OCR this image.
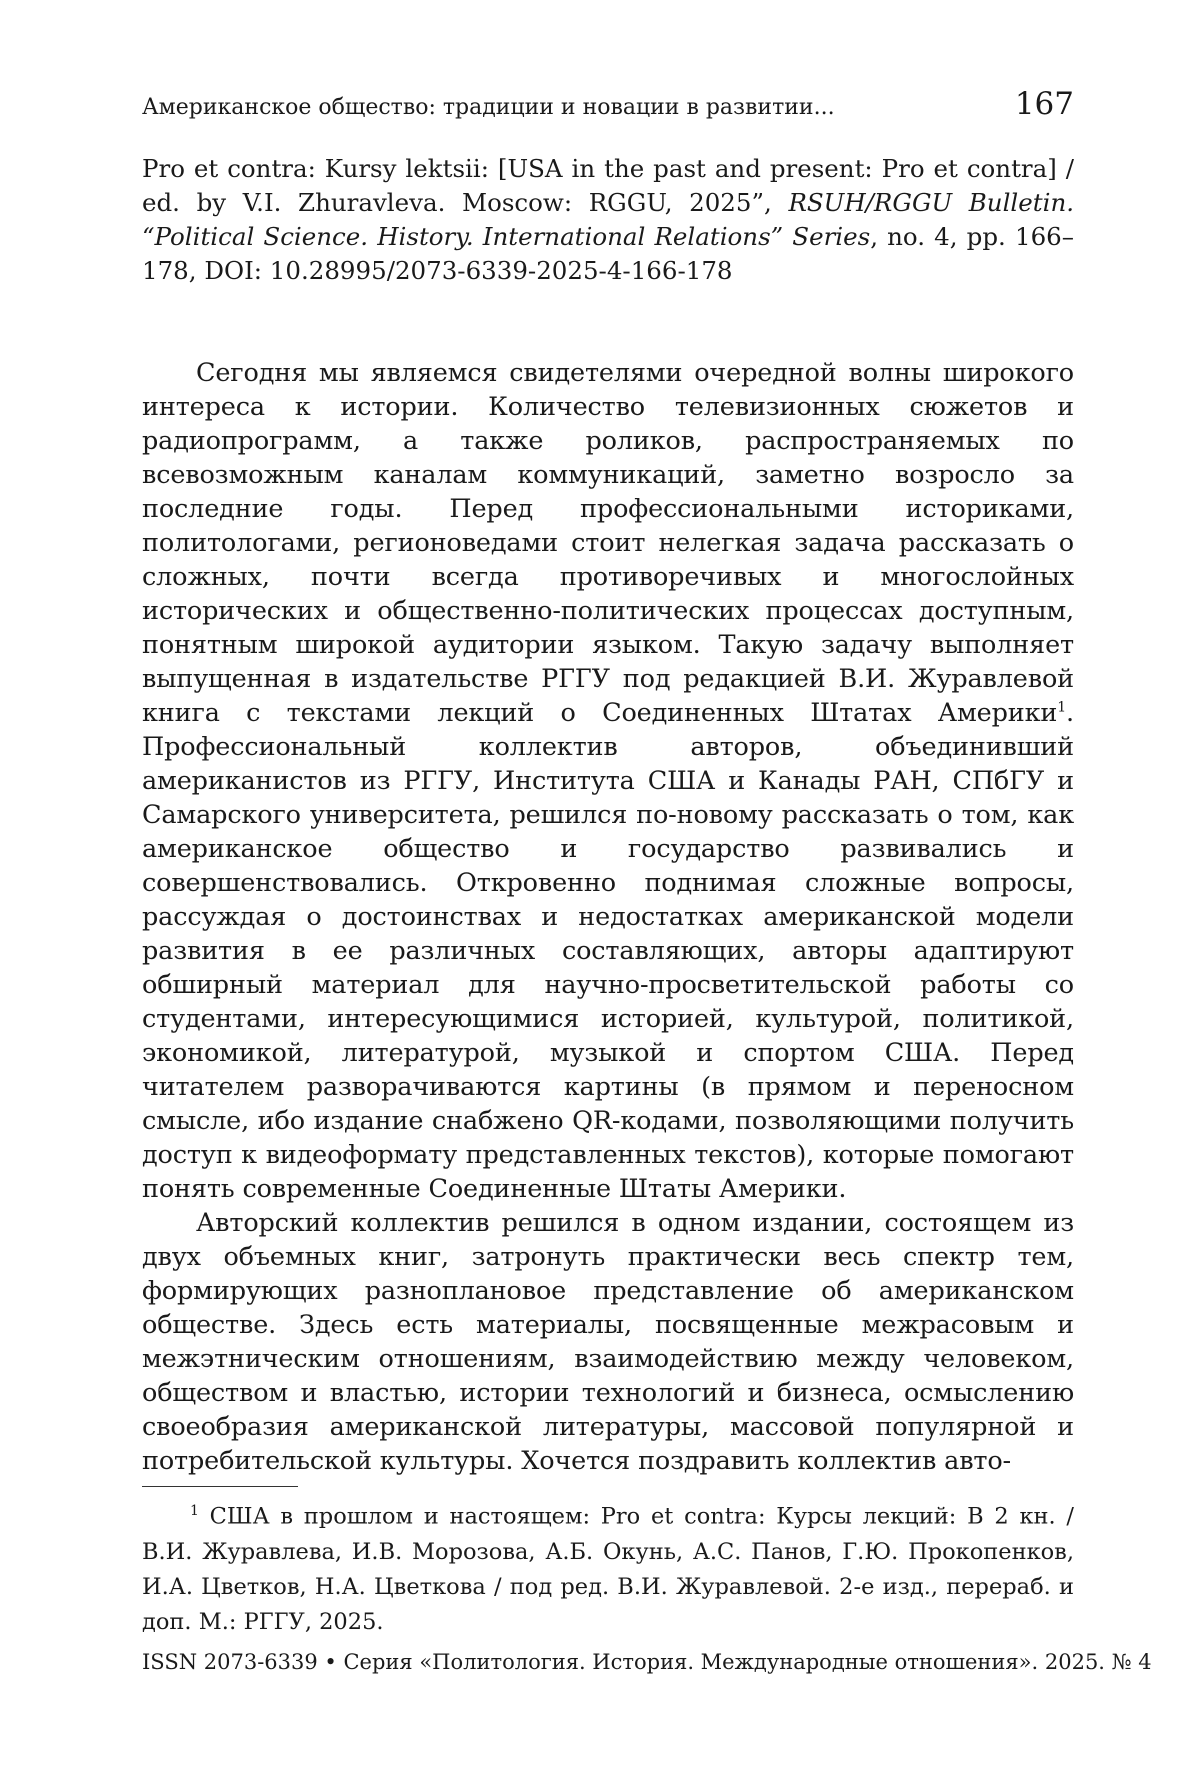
Американское общество: традиции и новации в развитии...	167
Pro et contra: Kursy lektsii: [USA in the past and present: Pro et contra] / ed. by V.I. Zhuravleva. Moscow: RGGU, 2025”, RSUH/RGGU Bulletin. “Political Science. History. International Relations” Series, no. 4, pp. 166–178, DOI: 10.28995/2073-6339-2025-4-166-178

Сегодня мы являемся свидетелями очередной волны широкого интереса к истории. Количество телевизионных сюжетов и радиопрограмм, а также роликов, распространяемых по всевозможным каналам коммуникаций, заметно возросло за последние годы. Перед профессиональными историками, политологами, регионоведами стоит нелегкая задача рассказать о сложных, почти всегда противоречивых и многослойных исторических и общественно-политических процессах доступным, понятным широкой аудитории языком. Такую задачу выполняет выпущенная в издательстве РГГУ под редакцией В.И. Журавлевой книга с текстами лекций о Соединенных Штатах Америки1. Профессиональный коллектив авторов, объединивший американистов из РГГУ, Института США и Канады РАН, СПбГУ и Самарского университета, решился по-новому рассказать о том, как американское общество и государство развивались и совершенствовались. Откровенно поднимая сложные вопросы, рассуждая о достоинствах и недостатках американской модели развития в ее различных составляющих, авторы адаптируют обширный материал для научно-просветительской работы со студентами, интересующимися историей, культурой, политикой, экономикой, литературой, музыкой и спортом США. Перед читателем разворачиваются картины (в прямом и переносном смысле, ибо издание снабжено QR-кодами, позволяющими получить доступ к видеоформату представленных текстов), которые помогают понять современные Соединенные Штаты Америки.

Авторский коллектив решился в одном издании, состоящем из двух объемных книг, затронуть практически весь спектр тем, формирующих разноплановое представление об американском обществе. Здесь есть материалы, посвященные межрасовым и межэтническим отношениям, взаимодействию между человеком, обществом и властью, истории технологий и бизнеса, осмыслению своеобразия американской литературы, массовой популярной и потребительской культуры. Хочется поздравить коллектив авто-

1 США в прошлом и настоящем: Pro et contra: Курсы лекций: В 2 кн. / В.И. Журавлева, И.В. Морозова, А.Б. Окунь, А.С. Панов, Г.Ю. Прокопенков, И.А. Цветков, Н.А. Цветкова / под ред. В.И. Журавлевой. 2-е изд., перераб. и доп. М.: РГГУ, 2025.

ISSN 2073-6339 • Серия «Политология. История. Международные отношения». 2025. № 4
